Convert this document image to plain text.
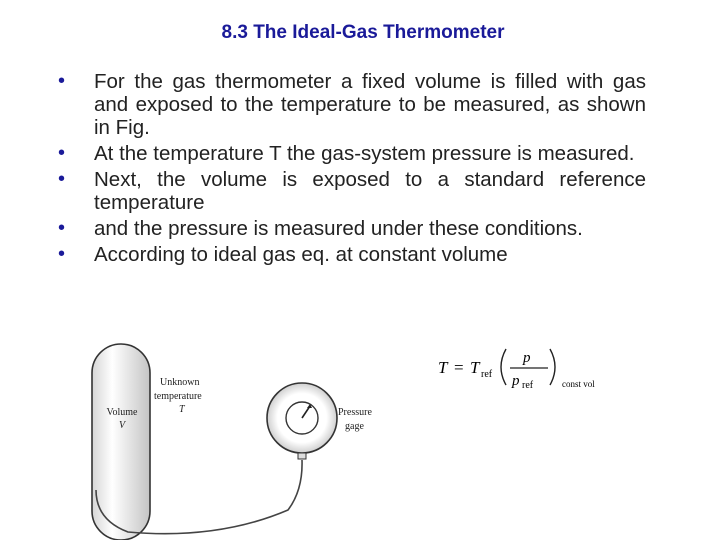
8.3 The Ideal-Gas Thermometer
• For the gas thermometer a fixed volume is filled with gas and exposed to the temperature to be measured, as shown in Fig.
• At the temperature T the gas-system pressure is measured.
• Next, the volume is exposed to a standard reference temperature
• and the pressure is measured under these conditions.
• According to ideal gas eq. at constant volume
Volume
V
Unknown
temperature
T	Pressure
gage
T = T ref
p
p ref	const vol
